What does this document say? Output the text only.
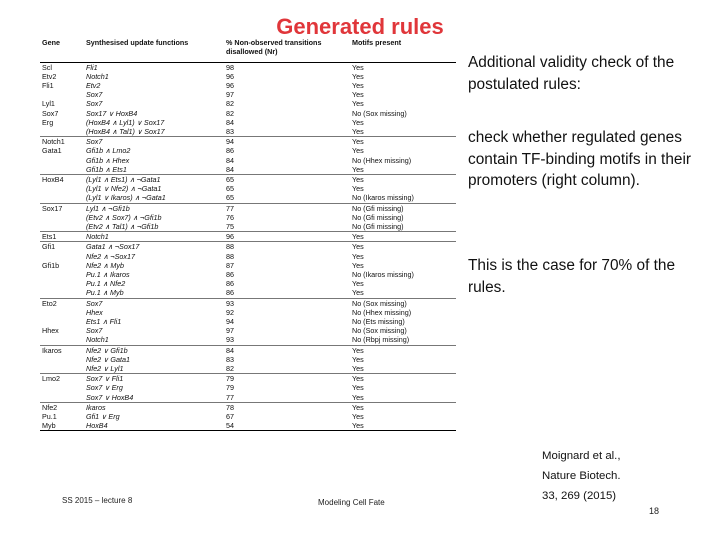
Generated rules
Gene	Synthesised update functions	% Non-observed transitions disallowed (Nr)	Motifs present
Scl	Fli1	98	Yes
Etv2	Notch1	96	Yes
Fli1	Etv2	96	Yes
	Sox7	97	Yes
Lyl1	Sox7	82	Yes
Sox7	Sox17 ∨ HoxB4	82	No (Sox missing)
Erg	(HoxB4 ∧ Lyl1) ∨ Sox17	84	Yes
	(HoxB4 ∧ Tal1) ∨ Sox17	83	Yes
Notch1	Sox7	94	Yes
Gata1	Gfi1b ∧ Lmo2	86	Yes
	Gfi1b ∧ Hhex	84	No (Hhex missing)
	Gfi1b ∧ Ets1	84	Yes
HoxB4	(Lyl1 ∧ Ets1) ∧ ¬Gata1	65	Yes
	(Lyl1 ∨ Nfe2) ∧ ¬Gata1	65	Yes
	(Lyl1 ∨ Ikaros) ∧ ¬Gata1	65	No (Ikaros missing)
Sox17	Lyl1 ∧ ¬Gfi1b	77	No (Gfi missing)
	(Etv2 ∧ Sox7) ∧ ¬Gfi1b	76	No (Gfi missing)
	(Etv2 ∧ Tal1) ∧ ¬Gfi1b	75	No (Gfi missing)
Ets1	Notch1	96	Yes
Gfi1	Gata1 ∧ ¬Sox17	88	Yes
	Nfe2 ∧ ¬Sox17	88	Yes
Gfi1b	Nfe2 ∧ Myb	87	Yes
	Pu.1 ∧ Ikaros	86	No (Ikaros missing)
	Pu.1 ∧ Nfe2	86	Yes
	Pu.1 ∧ Myb	86	Yes
Eto2	Sox7	93	No (Sox missing)
	Hhex	92	No (Hhex missing)
	Ets1 ∧ Fli1	94	No (Ets missing)
Hhex	Sox7	97	No (Sox missing)
	Notch1	93	No (Rbpj missing)
Ikaros	Nfe2 ∨ Gfi1b	84	Yes
	Nfe2 ∨ Gata1	83	Yes
	Nfe2 ∨ Lyl1	82	Yes
Lmo2	Sox7 ∨ Fli1	79	Yes
	Sox7 ∨ Erg	79	Yes
	Sox7 ∨ HoxB4	77	Yes
Nfe2	Ikaros	78	Yes
Pu.1	Gfi1 ∨ Erg	67	Yes
Myb	HoxB4	54	Yes
Additional validity check of the postulated rules:
check whether regulated genes contain TF-binding motifs in their promoters (right column).
This is the case for 70% of the rules.
Moignard et al.,
Nature Biotech.
33, 269 (2015)
SS 2015 – lecture 8	Modeling Cell Fate
18
